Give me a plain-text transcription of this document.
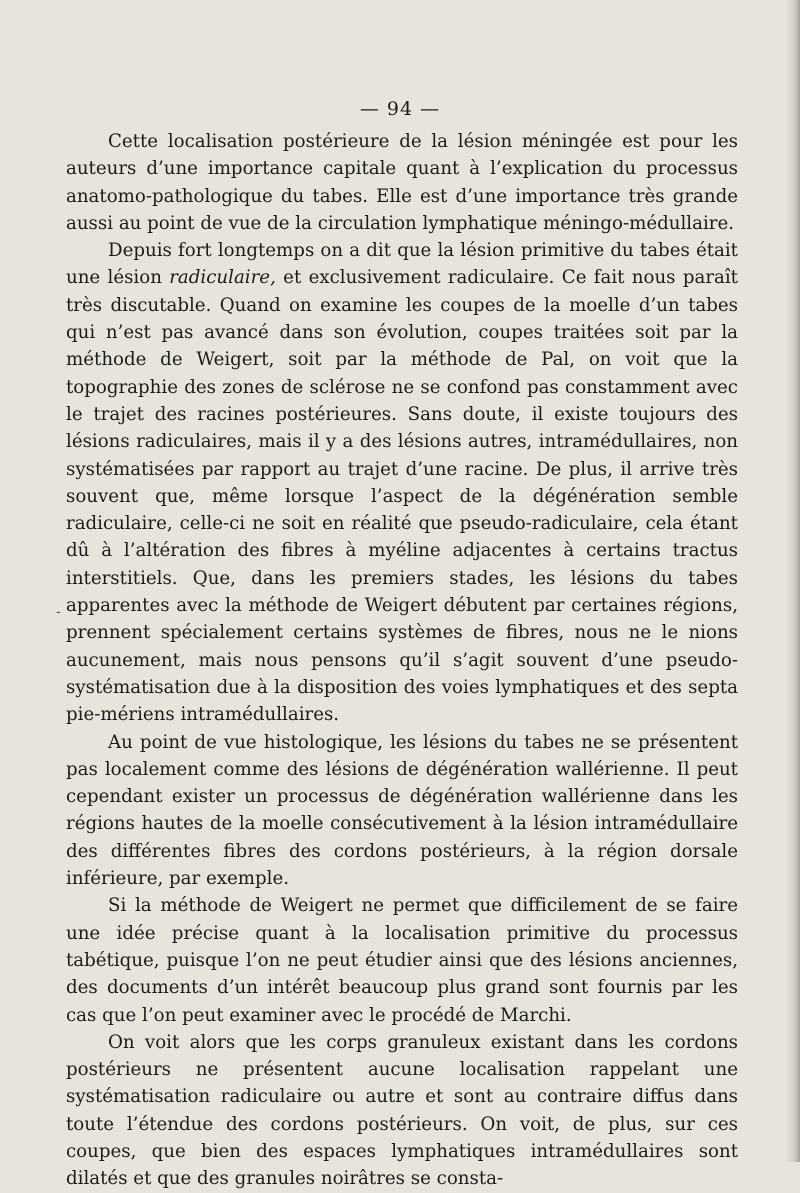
— 94 —
-

Cette localisation postérieure de la lésion méningée est pour les auteurs d’une importance capitale quant à l’explication du processus anatomo-pathologique du tabes. Elle est d’une importance très grande aussi au point de vue de la circulation lymphatique méningo-médullaire.

Depuis fort longtemps on a dit que la lésion primitive du tabes était une lésion radiculaire, et exclusivement radiculaire. Ce fait nous paraît très discutable. Quand on examine les coupes de la moelle d’un tabes qui n’est pas avancé dans son évolution, coupes traitées soit par la méthode de Weigert, soit par la méthode de Pal, on voit que la topographie des zones de sclérose ne se confond pas constamment avec le trajet des racines postérieures. Sans doute, il existe toujours des lésions radiculaires, mais il y a des lésions autres, intramédullaires, non systématisées par rapport au trajet d’une racine. De plus, il arrive très souvent que, même lorsque l’aspect de la dégénération semble radiculaire, celle-ci ne soit en réalité que pseudo-radiculaire, cela étant dû à l’altération des fibres à myéline adjacentes à certains tractus interstitiels. Que, dans les premiers stades, les lésions du tabes apparentes avec la méthode de Weigert débutent par certaines régions, prennent spécialement certains systèmes de fibres, nous ne le nions aucunement, mais nous pensons qu’il s’agit souvent d’une pseudo-systématisation due à la disposition des voies lymphatiques et des septa pie-mériens intramédullaires.

Au point de vue histologique, les lésions du tabes ne se présentent pas localement comme des lésions de dégénération wallérienne. Il peut cependant exister un processus de dégénération wallérienne dans les régions hautes de la moelle consécutivement à la lésion intramédullaire des différentes fibres des cordons postérieurs, à la région dorsale inférieure, par exemple.

Si la méthode de Weigert ne permet que difficilement de se faire une idée précise quant à la localisation primitive du processus tabétique, puisque l’on ne peut étudier ainsi que des lésions anciennes, des documents d’un intérêt beaucoup plus grand sont fournis par les cas que l’on peut examiner avec le procédé de Marchi.

On voit alors que les corps granuleux existant dans les cordons postérieurs ne présentent aucune localisation rappelant une systématisation radiculaire ou autre et sont au contraire diffus dans toute l’étendue des cordons postérieurs. On voit, de plus, sur ces coupes, que bien des espaces lymphatiques intramédullaires sont dilatés et que des granules noirâtres se consta-
